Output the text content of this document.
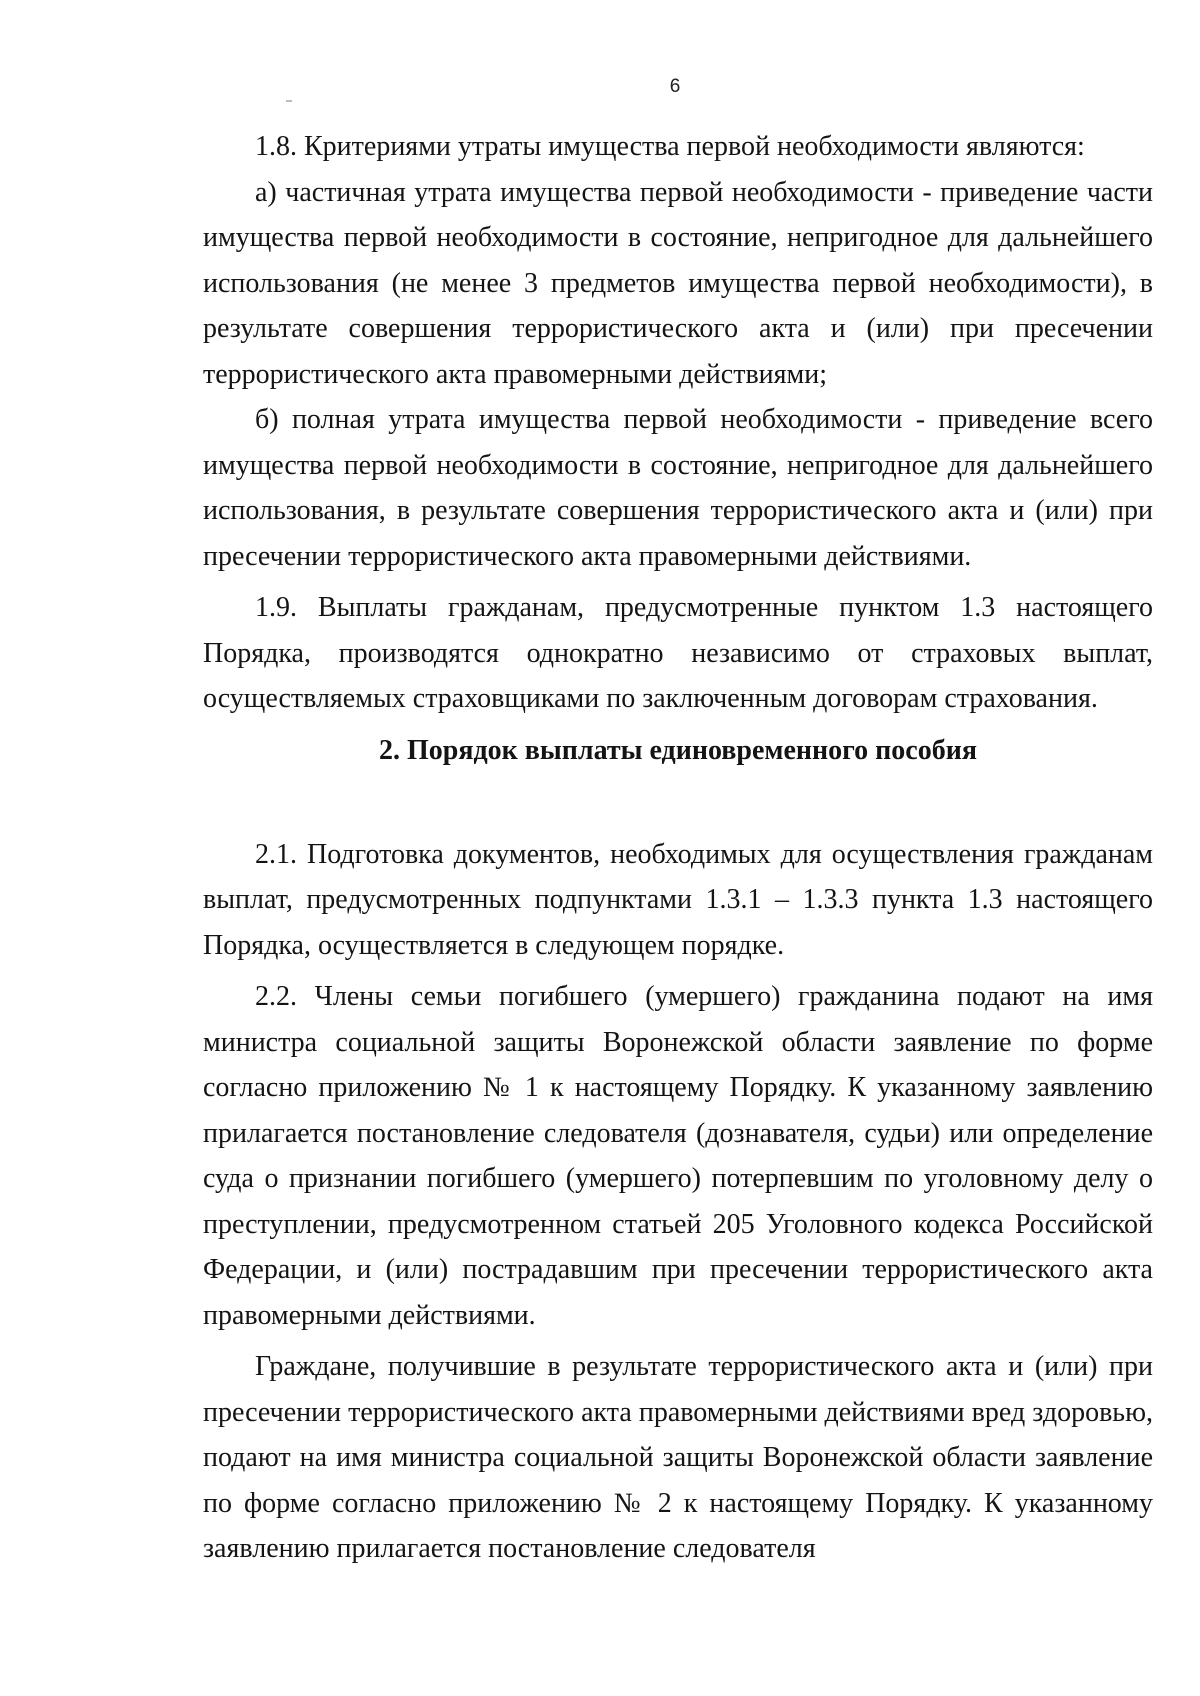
6

1.8. Критериями утраты имущества первой необходимости являются:

а) частичная утрата имущества первой необходимости - приведение части имущества первой необходимости в состояние, непригодное для дальнейшего использования (не менее 3 предметов имущества первой необходимости), в результате совершения террористического акта и (или) при пресечении террористического акта правомерными действиями;

б) полная утрата имущества первой необходимости - приведение всего имущества первой необходимости в состояние, непригодное для дальнейшего использования, в результате совершения террористического акта и (или) при пресечении террористического акта правомерными действиями.

1.9. Выплаты гражданам, предусмотренные пунктом 1.3 настоящего Порядка, производятся однократно независимо от страховых выплат, осуществляемых страховщиками по заключенным договорам страхования.

2. Порядок выплаты единовременного пособия

2.1. Подготовка документов, необходимых для осуществления гражданам выплат, предусмотренных подпунктами 1.3.1 – 1.3.3 пункта 1.3 настоящего Порядка, осуществляется в следующем порядке.

2.2. Члены семьи погибшего (умершего) гражданина подают на имя министра социальной защиты Воронежской области заявление по форме согласно приложению № 1 к настоящему Порядку. К указанному заявлению прилагается постановление следователя (дознавателя, судьи) или определение суда о признании погибшего (умершего) потерпевшим по уголовному делу о преступлении, предусмотренном статьей 205 Уголовного кодекса Российской Федерации, и (или) пострадавшим при пресечении террористического акта правомерными действиями.

Граждане, получившие в результате террористического акта и (или) при пресечении террористического акта правомерными действиями вред здоровью, подают на имя министра социальной защиты Воронежской области заявление по форме согласно приложению № 2 к настоящему Порядку. К указанному заявлению прилагается постановление следователя
